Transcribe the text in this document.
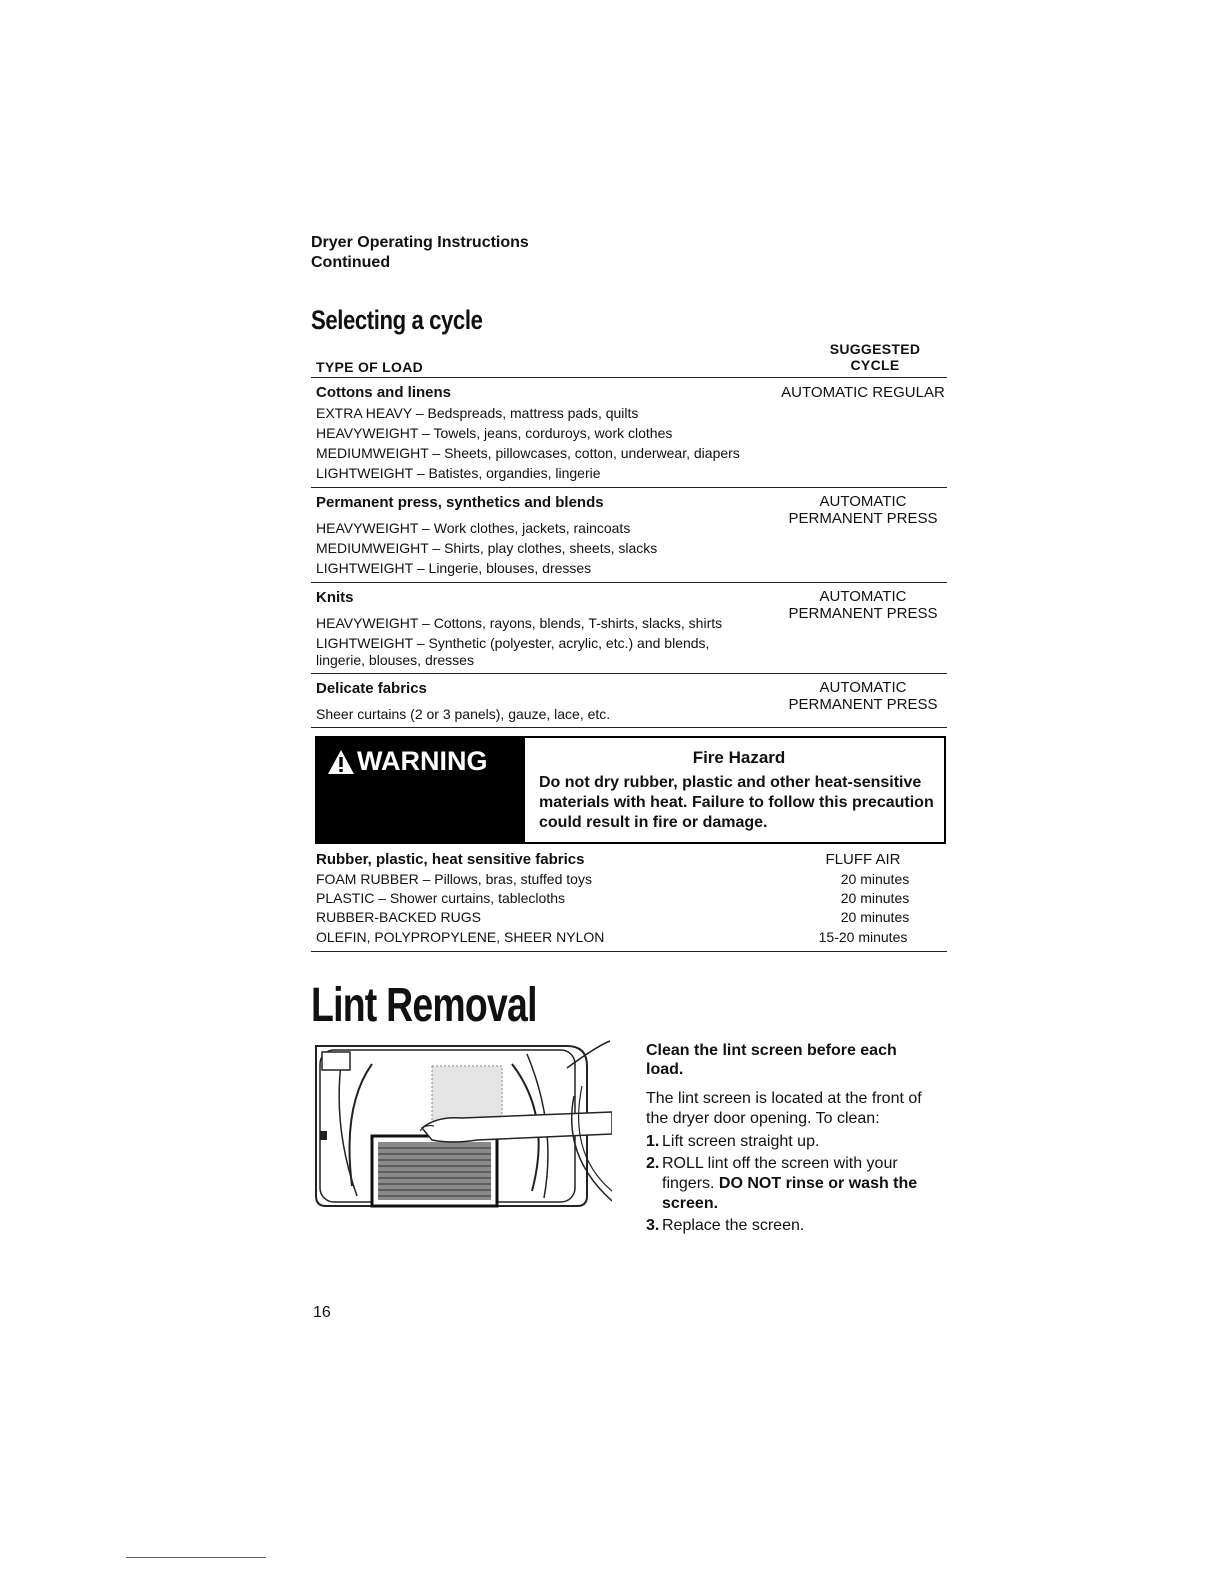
Dryer Operating Instructions
Continued
Selecting a cycle
TYPE OF LOAD
SUGGESTED
CYCLE
Cottons and linens	AUTOMATIC REGULAR
EXTRA HEAVY – Bedspreads, mattress pads, quilts
HEAVYWEIGHT – Towels, jeans, corduroys, work clothes
MEDIUMWEIGHT – Sheets, pillowcases, cotton, underwear, diapers
LIGHTWEIGHT – Batistes, organdies, lingerie
Permanent press, synthetics and blends	AUTOMATIC
PERMANENT PRESS
HEAVYWEIGHT – Work clothes, jackets, raincoats
MEDIUMWEIGHT – Shirts, play clothes, sheets, slacks
LIGHTWEIGHT – Lingerie, blouses, dresses
Knits	AUTOMATIC
PERMANENT PRESS
HEAVYWEIGHT – Cottons, rayons, blends, T-shirts, slacks, shirts
LIGHTWEIGHT – Synthetic (polyester, acrylic, etc.) and blends,
lingerie, blouses, dresses
Delicate fabrics	AUTOMATIC
PERMANENT PRESS
Sheer curtains (2 or 3 panels), gauze, lace, etc.
WARNING	Fire Hazard
Do not dry rubber, plastic and other heat-sensitive materials with heat. Failure to follow this precaution could result in fire or damage.
Rubber, plastic, heat sensitive fabrics	FLUFF AIR
FOAM RUBBER – Pillows, bras, stuffed toys	20 minutes
PLASTIC – Shower curtains, tablecloths	20 minutes
RUBBER-BACKED RUGS	20 minutes
OLEFIN, POLYPROPYLENE, SHEER NYLON	15-20 minutes
Lint Removal
Clean the lint screen before each load.
The lint screen is located at the front of the dryer door opening. To clean:
1. Lift screen straight up.
2. ROLL lint off the screen with your fingers. DO NOT rinse or wash the screen.
3. Replace the screen.
16
